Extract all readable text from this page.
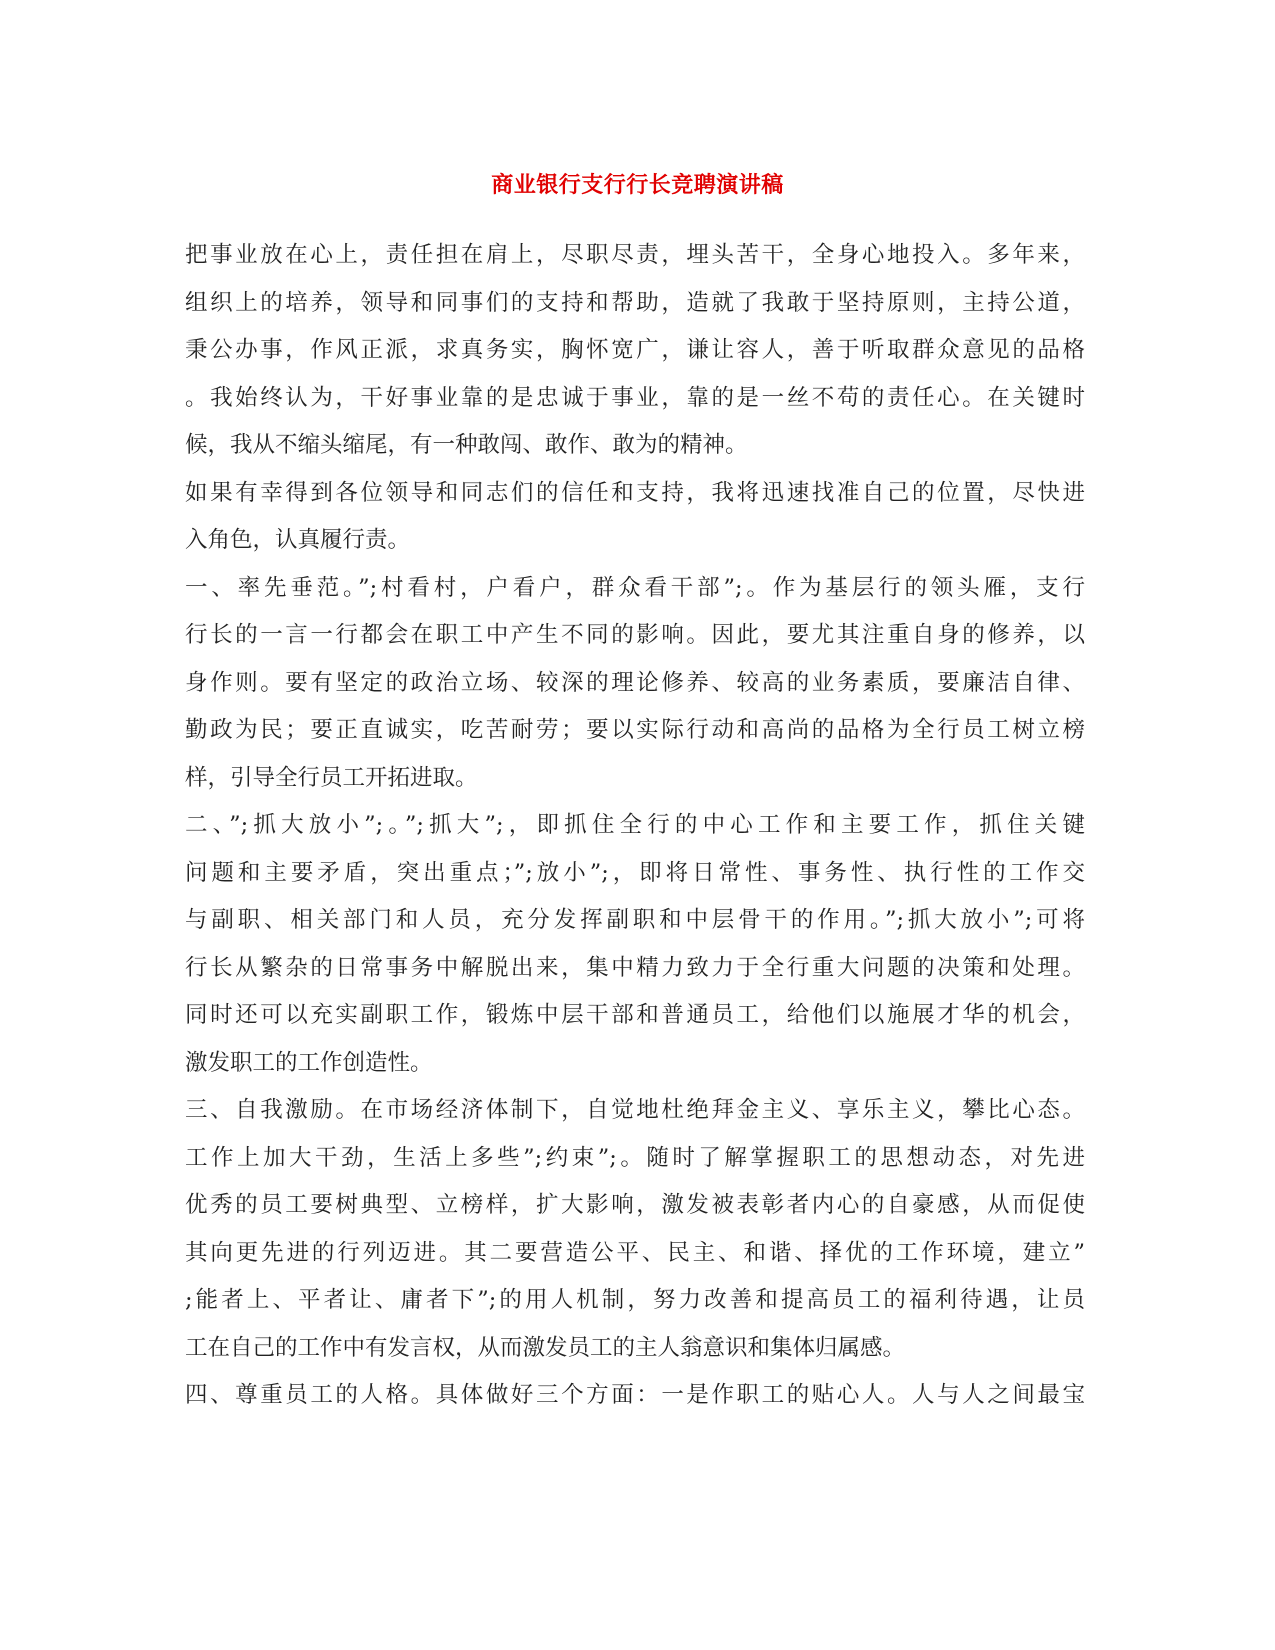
商业银行支行行长竞聘演讲稿
把事业放在心上，责任担在肩上，尽职尽责，埋头苦干，全身心地投入。多年来，
组织上的培养，领导和同事们的支持和帮助，造就了我敢于坚持原则，主持公道，
秉公办事，作风正派，求真务实，胸怀宽广，谦让容人，善于听取群众意见的品格
。我始终认为，干好事业靠的是忠诚于事业，靠的是一丝不苟的责任心。在关键时
候，我从不缩头缩尾，有一种敢闯、敢作、敢为的精神。
如果有幸得到各位领导和同志们的信任和支持，我将迅速找准自己的位置，尽快进
入角色，认真履行责。
一、率先垂范。”;村看村，户看户，群众看干部”;。作为基层行的领头雁，支行
行长的一言一行都会在职工中产生不同的影响。因此，要尤其注重自身的修养，以
身作则。要有坚定的政治立场、较深的理论修养、较高的业务素质，要廉洁自律、
勤政为民；要正直诚实，吃苦耐劳；要以实际行动和高尚的品格为全行员工树立榜
样，引导全行员工开拓进取。
二、”;抓大放小”;。”;抓大”;，即抓住全行的中心工作和主要工作，抓住关键
问题和主要矛盾，突出重点；”;放小”;，即将日常性、事务性、执行性的工作交
与副职、相关部门和人员，充分发挥副职和中层骨干的作用。”;抓大放小”;可将
行长从繁杂的日常事务中解脱出来，集中精力致力于全行重大问题的决策和处理。
同时还可以充实副职工作，锻炼中层干部和普通员工，给他们以施展才华的机会，
激发职工的工作创造性。
三、自我激励。在市场经济体制下，自觉地杜绝拜金主义、享乐主义，攀比心态。
工作上加大干劲，生活上多些”;约束”;。随时了解掌握职工的思想动态，对先进
优秀的员工要树典型、立榜样，扩大影响，激发被表彰者内心的自豪感，从而促使
其向更先进的行列迈进。其二要营造公平、民主、和谐、择优的工作环境，建立”
;能者上、平者让、庸者下”;的用人机制，努力改善和提高员工的福利待遇，让员
工在自己的工作中有发言权，从而激发员工的主人翁意识和集体归属感。
四、尊重员工的人格。具体做好三个方面：一是作职工的贴心人。人与人之间最宝
